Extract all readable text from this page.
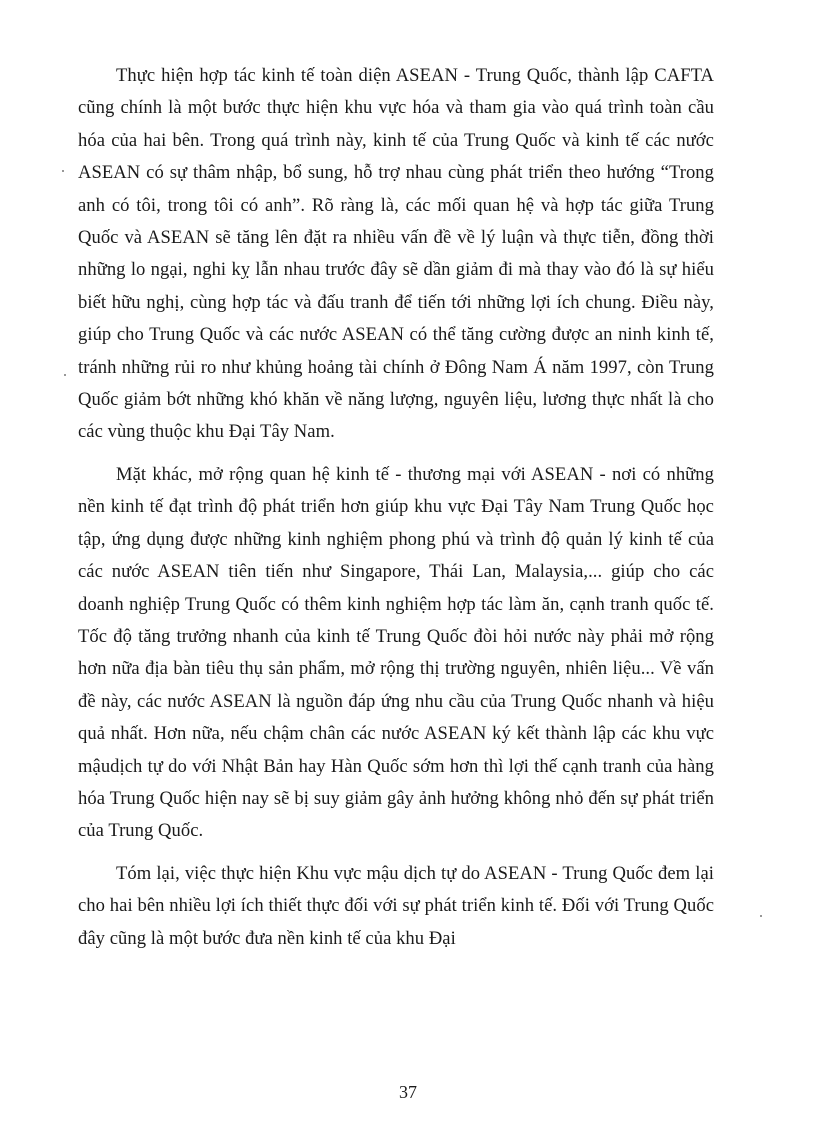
Thực hiện hợp tác kinh tế toàn diện ASEAN - Trung Quốc, thành lập CAFTA cũng chính là một bước thực hiện khu vực hóa và tham gia vào quá trình toàn cầu hóa của hai bên. Trong quá trình này, kinh tế của Trung Quốc và kinh tế các nước ASEAN có sự thâm nhập, bổ sung, hỗ trợ nhau cùng phát triển theo hướng “Trong anh có tôi, trong tôi có anh”. Rõ ràng là, các mối quan hệ và hợp tác giữa Trung Quốc và ASEAN sẽ tăng lên đặt ra nhiều vấn đề về lý luận và thực tiễn, đồng thời những lo ngại, nghi kỵ lẫn nhau trước đây sẽ dần giảm đi mà thay vào đó là sự hiểu biết hữu nghị, cùng hợp tác và đấu tranh để tiến tới những lợi ích chung. Điều này, giúp cho Trung Quốc và các nước ASEAN có thể tăng cường được an ninh kinh tế, tránh những rủi ro như khủng hoảng tài chính ở Đông Nam Á năm 1997, còn Trung Quốc giảm bớt những khó khăn về năng lượng, nguyên liệu, lương thực nhất là cho các vùng thuộc khu Đại Tây Nam.

Mặt khác, mở rộng quan hệ kinh tế - thương mại với ASEAN - nơi có những nền kinh tế đạt trình độ phát triển hơn giúp khu vực Đại Tây Nam Trung Quốc học tập, ứng dụng được những kinh nghiệm phong phú và trình độ quản lý kinh tế của các nước ASEAN tiên tiến như Singapore, Thái Lan, Malaysia,... giúp cho các doanh nghiệp Trung Quốc có thêm kinh nghiệm hợp tác làm ăn, cạnh tranh quốc tế. Tốc độ tăng trưởng nhanh của kinh tế Trung Quốc đòi hỏi nước này phải mở rộng hơn nữa địa bàn tiêu thụ sản phẩm, mở rộng thị trường nguyên, nhiên liệu... Về vấn đề này, các nước ASEAN là nguồn đáp ứng nhu cầu của Trung Quốc nhanh và hiệu quả nhất. Hơn nữa, nếu chậm chân các nước ASEAN ký kết thành lập các khu vực mậudịch tự do với Nhật Bản hay Hàn Quốc sớm hơn thì lợi thế cạnh tranh của hàng hóa Trung Quốc hiện nay sẽ bị suy giảm gây ảnh hưởng không nhỏ đến sự phát triển của Trung Quốc.

Tóm lại, việc thực hiện Khu vực mậu dịch tự do ASEAN - Trung Quốc đem lại cho hai bên nhiều lợi ích thiết thực đối với sự phát triển kinh tế. Đối với Trung Quốc đây cũng là một bước đưa nền kinh tế của khu Đại

37
